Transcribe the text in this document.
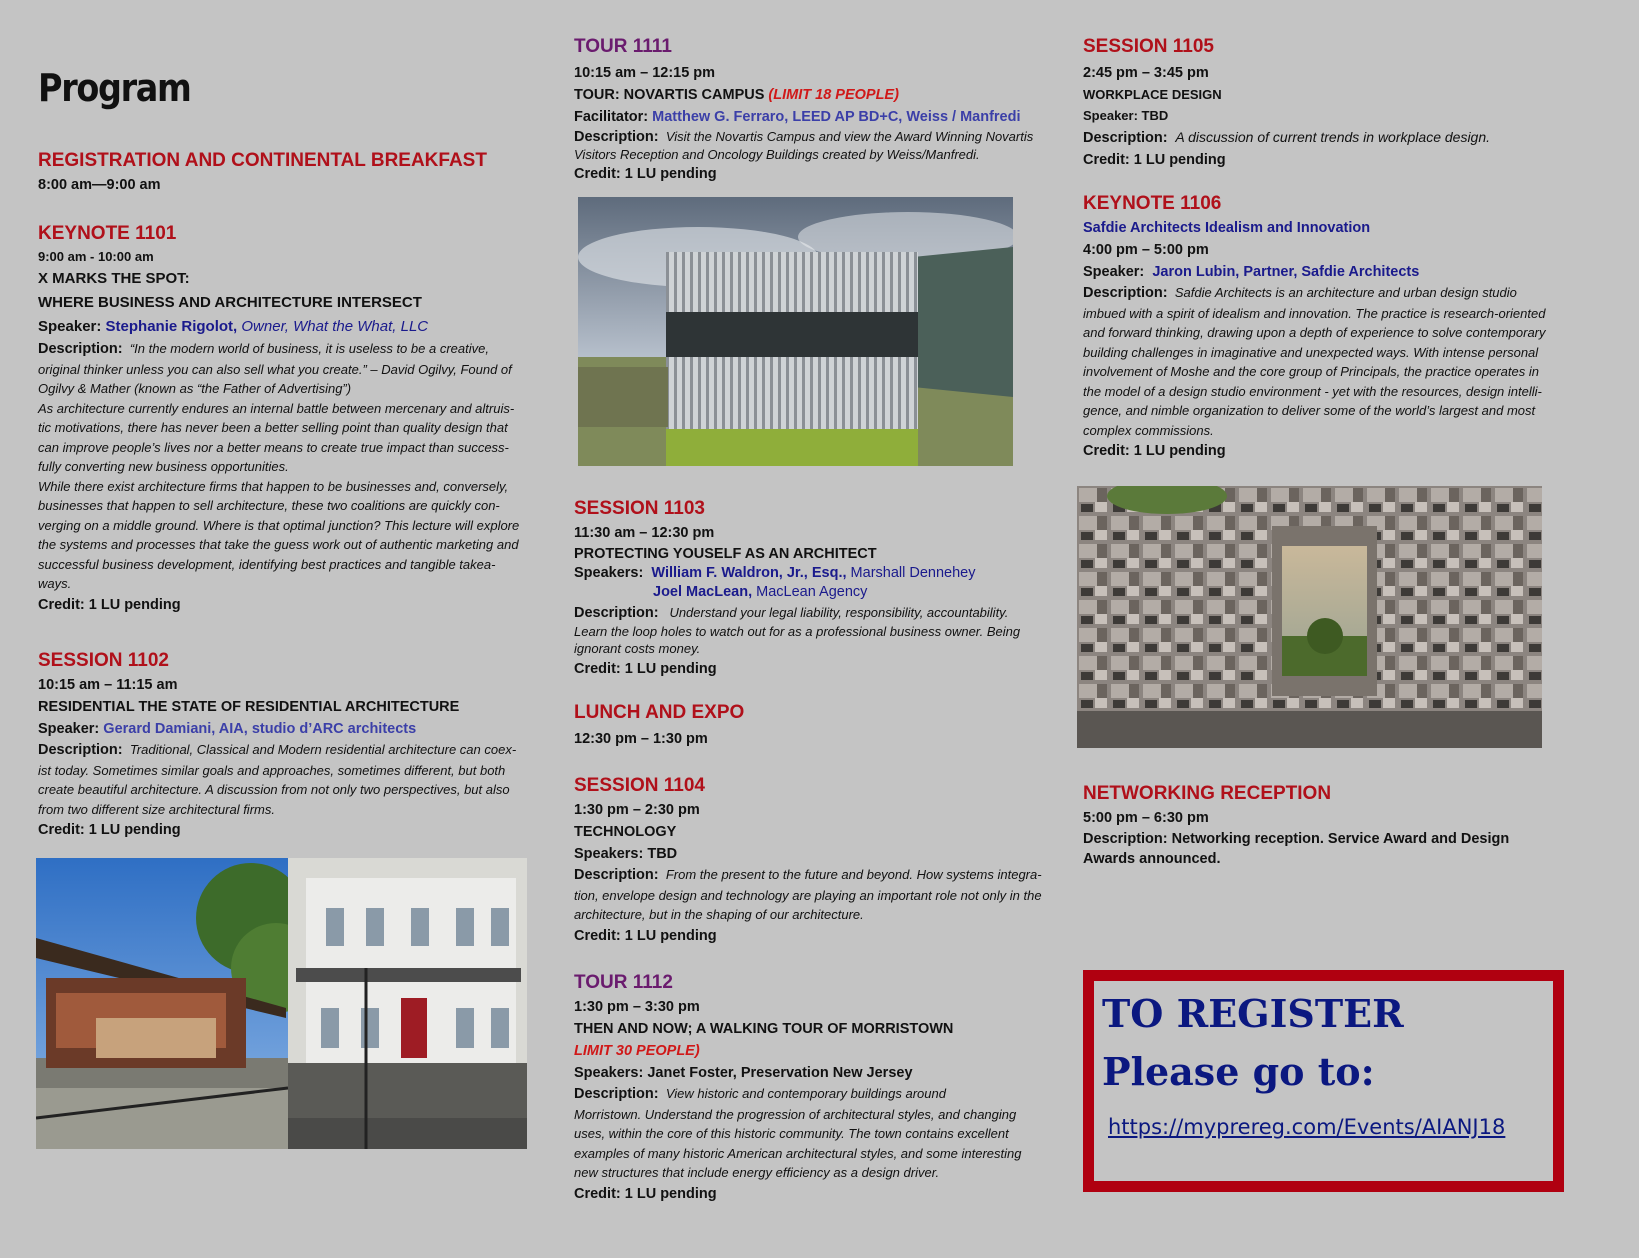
Program
REGISTRATION AND CONTINENTAL BREAKFAST
8:00 am—9:00 am
KEYNOTE 1101
9:00 am - 10:00 am
X MARKS THE SPOT:
WHERE BUSINESS AND ARCHITECTURE INTERSECT
Speaker: Stephanie Rigolot, Owner, What the What, LLC
Description: “In the modern world of business, it is useless to be a creative,
original thinker unless you can also sell what you create.” – David Ogilvy, Found of
Ogilvy & Mather (known as “the Father of Advertising”)
As architecture currently endures an internal battle between mercenary and altruis-
tic motivations, there has never been a better selling point than quality design that
can improve people’s lives nor a better means to create true impact than success-
fully converting new business opportunities.
While there exist architecture firms that happen to be businesses and, conversely,
businesses that happen to sell architecture, these two coalitions are quickly con-
verging on a middle ground. Where is that optimal junction? This lecture will explore
the systems and processes that take the guess work out of authentic marketing and
successful business development, identifying best practices and tangible takea-
ways.
Credit: 1 LU pending
SESSION 1102
10:15 am – 11:15 am
RESIDENTIAL THE STATE OF RESIDENTIAL ARCHITECTURE
Speaker: Gerard Damiani, AIA, studio d’ARC architects
Description: Traditional, Classical and Modern residential architecture can coex-
ist today. Sometimes similar goals and approaches, sometimes different, but both
create beautiful architecture. A discussion from not only two perspectives, but also
from two different size architectural firms.
Credit: 1 LU pending
TOUR 1111
10:15 am – 12:15 pm
TOUR: NOVARTIS CAMPUS (LIMIT 18 PEOPLE)
Facilitator: Matthew G. Ferraro, LEED AP BD+C, Weiss / Manfredi
Description: Visit the Novartis Campus and view the Award Winning Novartis
Visitors Reception and Oncology Buildings created by Weiss/Manfredi.
Credit: 1 LU pending
SESSION 1103
11:30 am – 12:30 pm
PROTECTING YOUSELF AS AN ARCHITECT
Speakers: William F. Waldron, Jr., Esq., Marshall Dennehey
Joel MacLean, MacLean Agency
Description: Understand your legal liability, responsibility, accountability.
Learn the loop holes to watch out for as a professional business owner. Being
ignorant costs money.
Credit: 1 LU pending
LUNCH AND EXPO
12:30 pm – 1:30 pm
SESSION 1104
1:30 pm – 2:30 pm
TECHNOLOGY
Speakers: TBD
Description: From the present to the future and beyond. How systems integra-
tion, envelope design and technology are playing an important role not only in the
architecture, but in the shaping of our architecture.
Credit: 1 LU pending
TOUR 1112
1:30 pm – 3:30 pm
THEN AND NOW; A WALKING TOUR OF MORRISTOWN
LIMIT 30 PEOPLE)
Speakers: Janet Foster, Preservation New Jersey
Description: View historic and contemporary buildings around
Morristown. Understand the progression of architectural styles, and changing
uses, within the core of this historic community. The town contains excellent
examples of many historic American architectural styles, and some interesting
new structures that include energy efficiency as a design driver.
Credit: 1 LU pending
SESSION 1105
2:45 pm – 3:45 pm
WORKPLACE DESIGN
Speaker: TBD
Description: A discussion of current trends in workplace design.
Credit: 1 LU pending
KEYNOTE 1106
Safdie Architects Idealism and Innovation
4:00 pm – 5:00 pm
Speaker: Jaron Lubin, Partner, Safdie Architects
Description: Safdie Architects is an architecture and urban design studio
imbued with a spirit of idealism and innovation. The practice is research-oriented
and forward thinking, drawing upon a depth of experience to solve contemporary
building challenges in imaginative and unexpected ways. With intense personal
involvement of Moshe and the core group of Principals, the practice operates in
the model of a design studio environment - yet with the resources, design intelli-
gence, and nimble organization to deliver some of the world’s largest and most
complex commissions.
Credit: 1 LU pending
NETWORKING RECEPTION
5:00 pm – 6:30 pm
Description: Networking reception. Service Award and Design
Awards announced.
TO REGISTER
Please go to:
https://myprereg.com/Events/AIANJ18
